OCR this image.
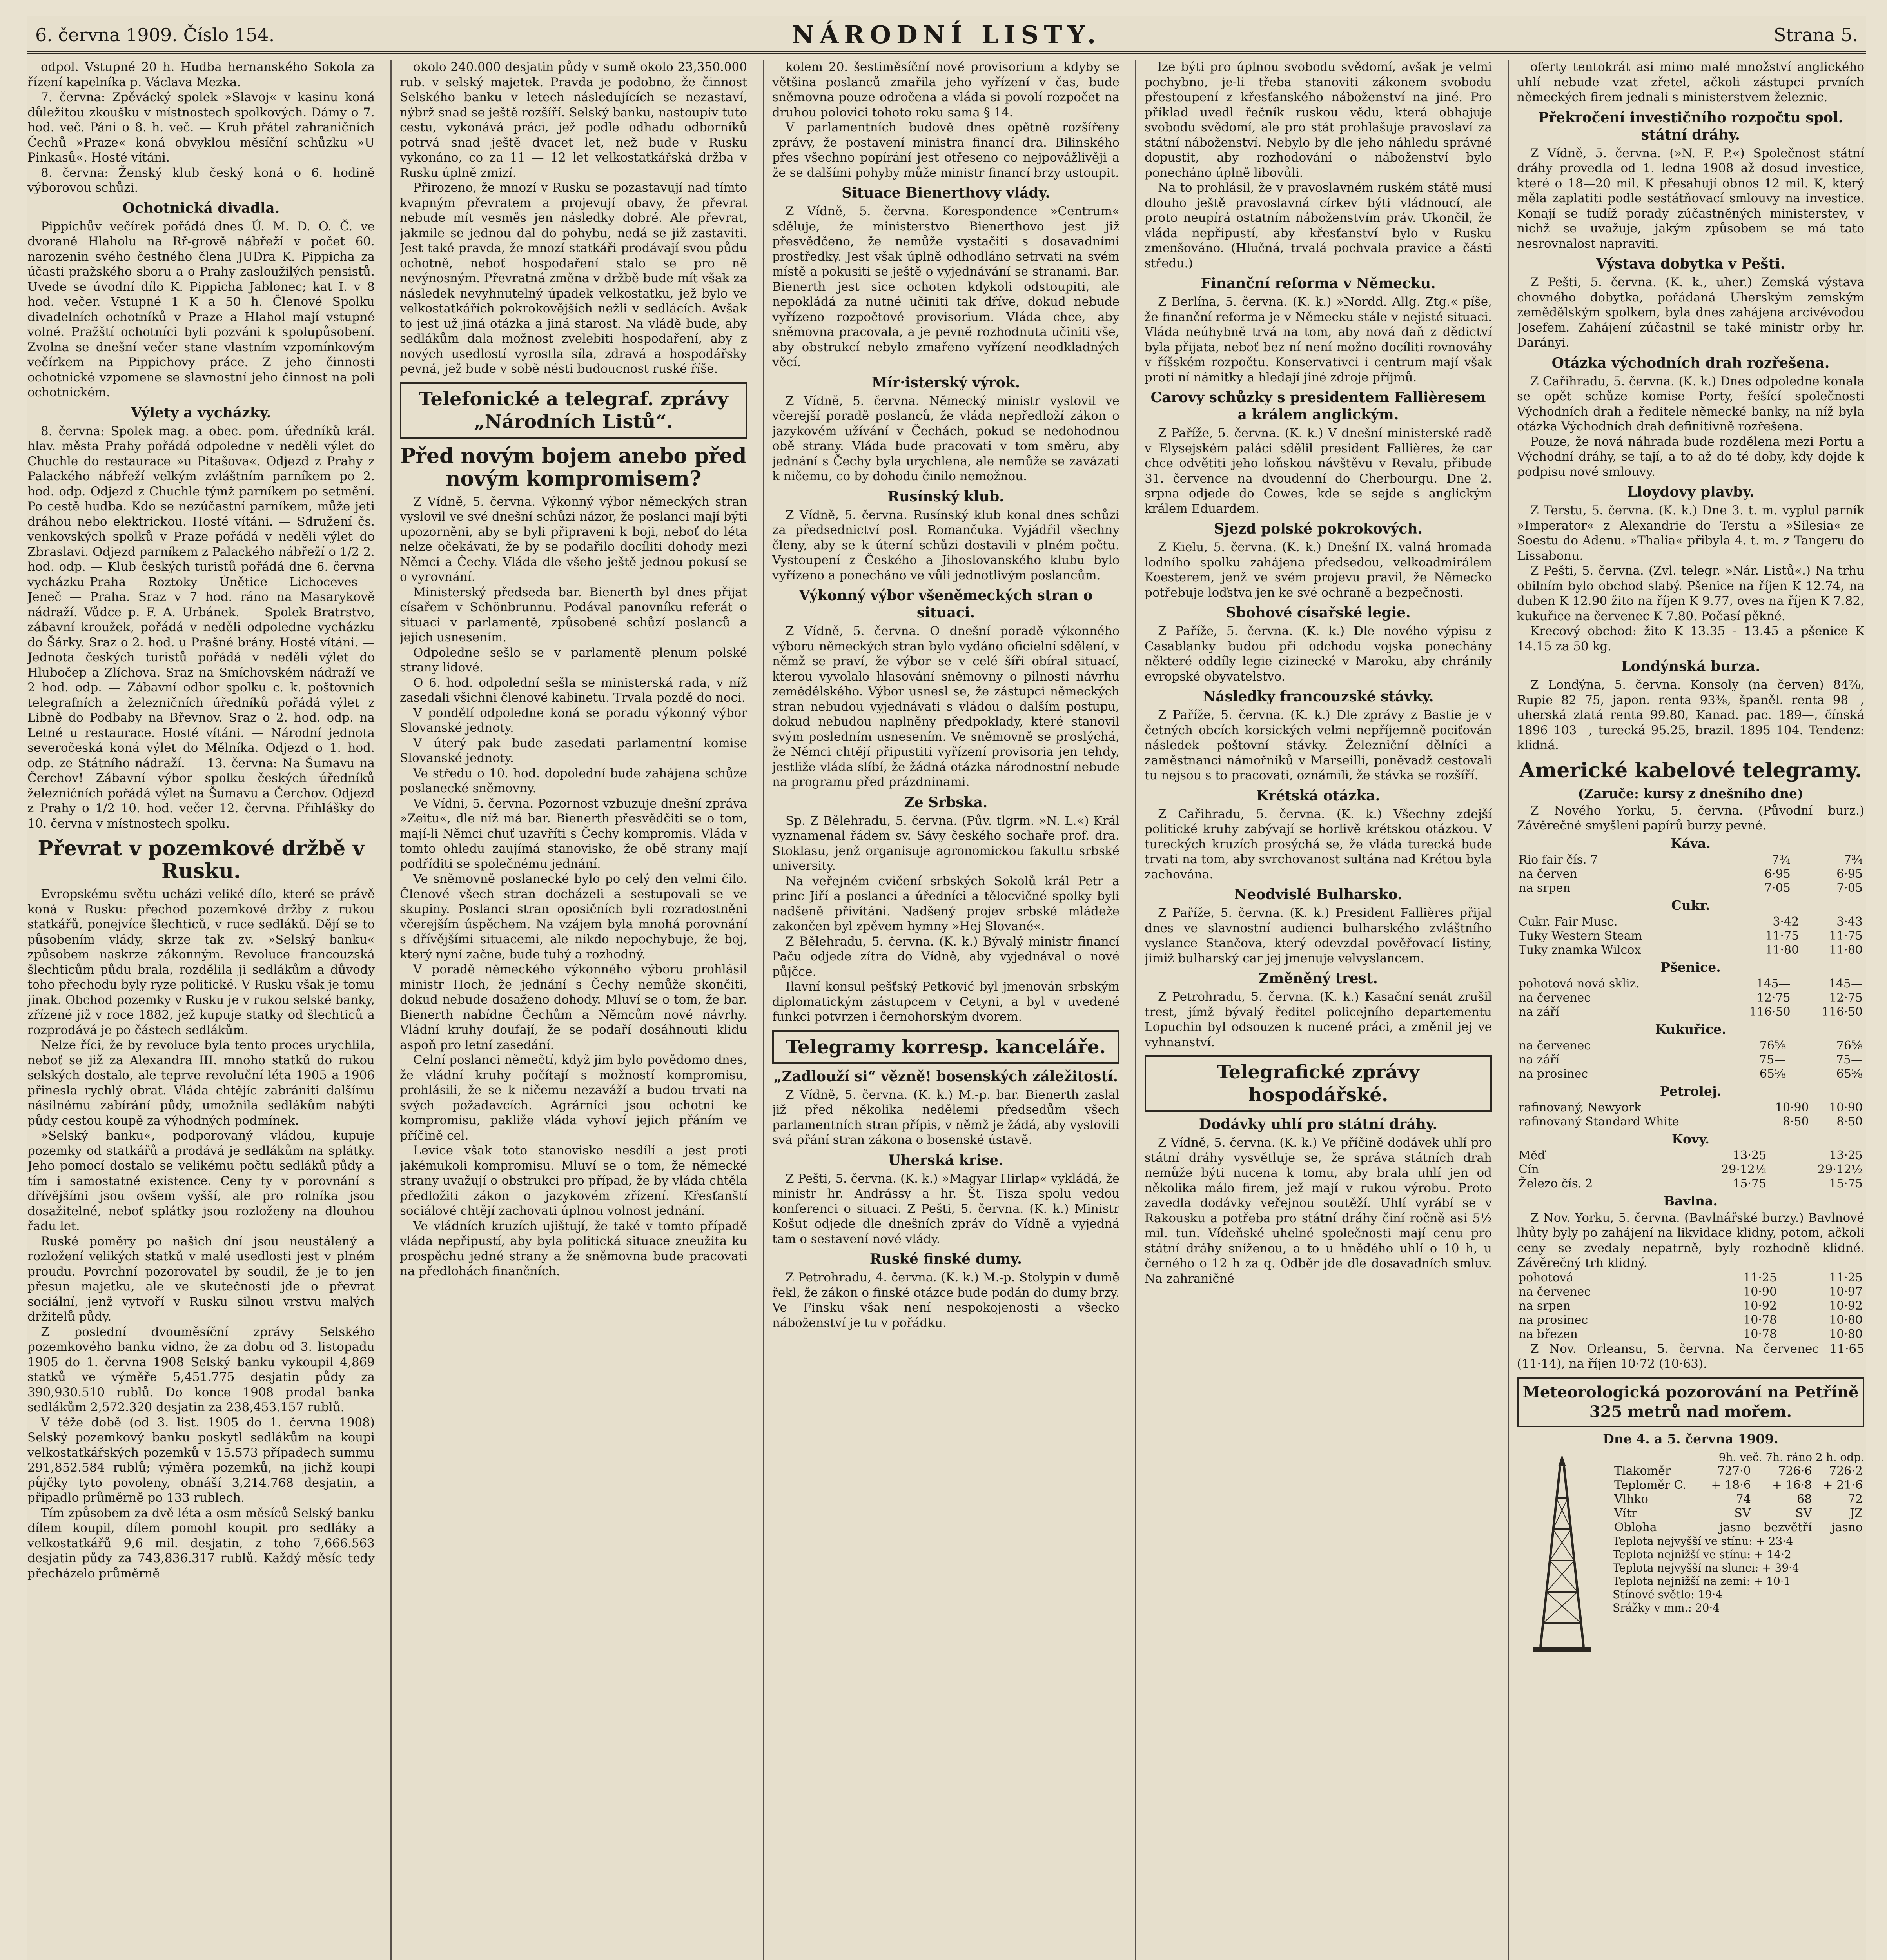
6. června 1909. Číslo 154.	NÁRODNÍ LISTY.	Strana 5.

odpol. Vstupné 20 h. Hudba hernanského Sokola za řízení kapelníka p. Václava Mezka.

7. června: Zpěvácký spolek »Slavoj« v kasinu koná důležitou zkoušku v místnostech spolkových. Dámy o 7. hod. več. Páni o 8. h. več. — Kruh přátel zahraničních Čechů »Praze« koná obvyklou měsíční schůzku »U Pinkasů«. Hosté vítáni.

8. června: Ženský klub český koná o 6. hodině výborovou schůzi.

Ochotnická divadla.

Pippichův večírek pořádá dnes Ú. M. D. O. Č. ve dvoraně Hlaholu na Rř-grově nábřeží v počet 60. narozenin svého čestného člena JUDra K. Pippicha za účasti pražského sboru a o Prahy zasloužilých pensistů. Uvede se úvodní dílo K. Pippicha Jablonec; kat I. v 8 hod. večer. Vstupné 1 K a 50 h. Členové Spolku divadelních ochotníků v Praze a Hlahol mají vstupné volné. Pražští ochotníci byli pozváni k spolupůsobení. Zvolna se dnešní večer stane vlastním vzpomínkovým večírkem na Pippichovy práce. Z jeho činnosti ochotnické vzpomene se slavnostní jeho činnost na poli ochotnickém.

Výlety a vycházky.

8. června: Spolek mag. a obec. pom. úředníků král. hlav. města Prahy pořádá odpoledne v neděli výlet do Chuchle do restaurace »u Pitašova«. Odjezd z Prahy z Palackého nábřeží velkým zvláštním parníkem po 2. hod. odp. Odjezd z Chuchle týmž parníkem po setmění. Po cestě hudba. Kdo se nezúčastní parníkem, může jeti dráhou nebo elektrickou. Hosté vítáni. — Sdružení čs. venkovských spolků v Praze pořádá v neděli výlet do Zbraslavi. Odjezd parníkem z Palackého nábřeží o 1/2 2. hod. odp. — Klub českých turistů pořádá dne 6. června vycházku Praha — Roztoky — Únětice — Lichoceves — Jeneč — Praha. Sraz v 7 hod. ráno na Masarykově nádraží. Vůdce p. F. A. Urbánek. — Spolek Bratrstvo, zábavní kroužek, pořádá v neděli odpoledne vycházku do Šárky. Sraz o 2. hod. u Prašné brány. Hosté vítáni. — Jednota českých turistů pořádá v neděli výlet do Hlubočep a Zlíchova. Sraz na Smíchovském nádraží ve 2 hod. odp. — Zábavní odbor spolku c. k. poštovních telegrafních a železničních úředníků pořádá výlet z Libně do Podbaby na Břevnov. Sraz o 2. hod. odp. na Letné u restaurace. Hosté vítáni. — Národní jednota severočeská koná výlet do Mělníka. Odjezd o 1. hod. odp. ze Státního nádraží. — 13. června: Na Šumavu na Čerchov! Zábavní výbor spolku českých úředníků železničních pořádá výlet na Šumavu a Čerchov. Odjezd z Prahy o 1/2 10. hod. večer 12. června. Přihlášky do 10. června v místnostech spolku.

Převrat v pozemkové držbě v Rusku.

Evropskému světu ucházi veliké dílo, které se právě koná v Rusku: přechod pozemkové držby z rukou statkářů, ponejvíce šlechticů, v ruce sedláků. Dějí se to působením vlády, skrze tak zv. »Selský banku« způsobem naskrze zákonným. Revoluce francouzská šlechticům půdu brala, rozdělila ji sedlákům a důvody toho přechodu byly ryze politické. V Rusku však je tomu jinak. Obchod pozemky v Rusku je v rukou selské banky, zřízené již v roce 1882, jež kupuje statky od šlechticů a rozprodává je po částech sedlákům.

Nelze říci, že by revoluce byla tento proces urychlila, neboť se již za Alexandra III. mnoho statků do rukou selských dostalo, ale teprve revoluční léta 1905 a 1906 přinesla rychlý obrat. Vláda chtějíc zabrániti dalšímu násilnému zabírání půdy, umožnila sedlákům nabýti půdy cestou koupě za výhodných podmínek.

»Selský banku«, podporovaný vládou, kupuje pozemky od statkářů a prodává je sedlákům na splátky. Jeho pomocí dostalo se velikému počtu sedláků půdy a tím i samostatné existence. Ceny ty v porovnání s dřívějšími jsou ovšem vyšší, ale pro rolníka jsou dosažitelné, neboť splátky jsou rozloženy na dlouhou řadu let.

Ruské poměry po našich dní jsou neustálený a rozložení velikých statků v malé usedlosti jest v plném proudu. Povrchní pozorovatel by soudil, že je to jen přesun majetku, ale ve skutečnosti jde o převrat sociální, jenž vytvoří v Rusku silnou vrstvu malých držitelů půdy.

Z poslední dvouměsíční zprávy Selského pozemkového banku vidno, že za dobu od 3. listopadu 1905 do 1. června 1908 Selský banku vykoupil 4,869 statků ve výměře 5,451.775 desjatin půdy za 390,930.510 rublů. Do konce 1908 prodal banka sedlákům 2,572.320 desjatin za 238,453.157 rublů.

V téže době (od 3. list. 1905 do 1. června 1908) Selský pozemkový banku poskytl sedlákům na koupi velkostatkářských pozemků v 15.573 případech summu 291,852.584 rublů; výměra pozemků, na jichž koupi půjčky tyto povoleny, obnáší 3,214.768 desjatin, a připadlo průměrně po 133 rublech.

Tím způsobem za dvě léta a osm měsíců Selský banku dílem koupil, dílem pomohl koupit pro sedláky a velkostatkářů 9,6 mil. desjatin, z toho 7,666.563 desjatin půdy za 743,836.317 rublů. Každý měsíc tedy přecházelo průměrně

okolo 240.000 desjatin půdy v sumě okolo 23,350.000 rub. v selský majetek. Pravda je podobno, že činnost Selského banku v letech následujících se nezastaví, nýbrž snad se ještě rozšíří. Selský banku, nastoupiv tuto cestu, vykonává práci, jež podle odhadu odborníků potrvá snad ještě dvacet let, než bude v Rusku vykonáno, co za 11 — 12 let velkostatkářská držba v Rusku úplně zmizí.

Přirozeno, že mnozí v Rusku se pozastavují nad tímto kvapným převratem a projevují obavy, že převrat nebude mít vesměs jen následky dobré. Ale převrat, jakmile se jednou dal do pohybu, nedá se již zastaviti. Jest také pravda, že mnozí statkáři prodávají svou půdu ochotně, neboť hospodaření stalo se pro ně nevýnosným. Převratná změna v držbě bude mít však za následek nevyhnutelný úpadek velkostatku, jež bylo ve velkostatkářích pokrokovějších nežli v sedlácích. Avšak to jest už jiná otázka a jiná starost. Na vládě bude, aby sedlákům dala možnost zvelebiti hospodaření, aby z nových usedlostí vyrostla síla, zdravá a hospodářsky pevná, jež bude v sobě nésti budoucnost ruské říše.

Telefonické a telegraf. zprávy „Národních Listů“.
Před novým bojem anebo před novým kompromisem?

Z Vídně, 5. června. Výkonný výbor německých stran vyslovil ve své dnešní schůzi názor, že poslanci mají býti upozorněni, aby se byli připraveni k boji, neboť do léta nelze očekávati, že by se podařilo docíliti dohody mezi Němci a Čechy. Vláda dle všeho ještě jednou pokusí se o vyrovnání.

Ministerský předseda bar. Bienerth byl dnes přijat císařem v Schönbrunnu. Podával panovníku referát o situaci v parlamentě, způsobené schůzí poslanců a jejich usnesením.

Odpoledne sešlo se v parlamentě plenum polské strany lidové.

O 6. hod. odpolední sešla se ministerská rada, v níž zasedali všichni členové kabinetu. Trvala pozdě do noci.

V pondělí odpoledne koná se poradu výkonný výbor Slovanské jednoty.

V úterý pak bude zasedati parlamentní komise Slovanské jednoty.

Ve středu o 10. hod. dopolední bude zahájena schůze poslanecké sněmovny.

Ve Vídni, 5. června. Pozornost vzbuzuje dnešní zpráva »Zeitu«, dle níž má bar. Bienerth přesvědčiti se o tom, mají-li Němci chuť uzavříti s Čechy kompromis. Vláda v tomto ohledu zaujímá stanovisko, že obě strany mají podříditi se společnému jednání.

Ve sněmovně poslanecké bylo po celý den velmi čilo. Členové všech stran docházeli a sestupovali se ve skupiny. Poslanci stran oposičních byli rozradostněni včerejším úspěchem. Na vzájem byla mnohá porovnání s dřívějšími situacemi, ale nikdo nepochybuje, že boj, který nyní začne, bude tuhý a rozhodný.

V poradě německého výkonného výboru prohlásil ministr Hoch, že jednání s Čechy nemůže skončiti, dokud nebude dosaženo dohody. Mluví se o tom, že bar. Bienerth nabídne Čechům a Němcům nové návrhy. Vládní kruhy doufají, že se podaří dosáhnouti klidu aspoň pro letní zasedání.

Celní poslanci němečtí, když jim bylo povědomo dnes, že vládní kruhy počítají s možností kompromisu, prohlásili, že se k ničemu nezaváží a budou trvati na svých požadavcích. Agrárníci jsou ochotni ke kompromisu, pakliže vláda vyhoví jejich přáním ve příčině cel.

Levice však toto stanovisko nesdílí a jest proti jakémukoli kompromisu. Mluví se o tom, že německé strany uvažují o obstrukci pro případ, že by vláda chtěla předložiti zákon o jazykovém zřízení. Křesťanští sociálové chtějí zachovati úplnou volnost jednání.

Ve vládních kruzích ujištují, že také v tomto případě vláda nepřipustí, aby byla politická situace zneužita ku prospěchu jedné strany a že sněmovna bude pracovati na předlohách finančních.

kolem 20. šestiměsíční nové provisorium a kdyby se většina poslanců zmařila jeho vyřízení v čas, bude sněmovna pouze odročena a vláda si povolí rozpočet na druhou polovici tohoto roku sama § 14.

V parlamentních budově dnes opětně rozšířeny zprávy, že postavení ministra financí dra. Bilinského přes všechno popírání jest otřeseno co nejpovážlivěji a že se dalšími pohyby může ministr financí brzy ustoupit.

Situace Bienerthovy vlády.

Z Vídně, 5. června. Korespondence »Centrum« sděluje, že ministerstvo Bienerthovo jest již přesvědčeno, že nemůže vystačiti s dosavadními prostředky. Jest však úplně odhodláno setrvati na svém místě a pokusiti se ještě o vyjednávání se stranami. Bar. Bienerth jest sice ochoten kdykoli odstoupiti, ale nepokládá za nutné učiniti tak dříve, dokud nebude vyřízeno rozpočtové provisorium. Vláda chce, aby sněmovna pracovala, a je pevně rozhodnuta učiniti vše, aby obstrukcí nebylo zmařeno vyřízení neodkladných věcí.

Mír·isterský výrok.

Z Vídně, 5. června. Německý ministr vyslovil ve včerejší poradě poslanců, že vláda nepředloží zákon o jazykovém užívání v Čechách, pokud se nedohodnou obě strany. Vláda bude pracovati v tom směru, aby jednání s Čechy byla urychlena, ale nemůže se zavázati k ničemu, co by dohodu činilo nemožnou.

Rusínský klub.

Z Vídně, 5. června. Rusínský klub konal dnes schůzi za předsednictví posl. Romančuka. Vyjádřil všechny členy, aby se k úterní schůzi dostavili v plném počtu. Vystoupení z Českého a Jihoslovanského klubu bylo vyřízeno a ponecháno ve vůli jednotlivým poslancům.

Výkonný výbor všeněmeckých stran o situaci.

Z Vídně, 5. června. O dnešní poradě výkonného výboru německých stran bylo vydáno oficielní sdělení, v němž se praví, že výbor se v celé šíři obíral situací, kterou vyvolalo hlasování sněmovny o pilnosti návrhu zemědělského. Výbor usnesl se, že zástupci německých stran nebudou vyjednávati s vládou o dalším postupu, dokud nebudou naplněny předpoklady, které stanovil svým posledním usnesením. Ve sněmovně se proslýchá, že Němci chtějí připustiti vyřízení provisoria jen tehdy, jestliže vláda slíbí, že žádná otázka národnostní nebude na programu před prázdninami.

Ze Srbska.

Sp. Z Bělehradu, 5. června. (Pův. tlgrm. »N. L.«) Král vyznamenal řádem sv. Sávy českého sochaře prof. dra. Stoklasu, jenž organisuje agronomickou fakultu srbské university.

Na veřejném cvičení srbských Sokolů král Petr a princ Jiří a poslanci a úředníci a tělocvičné spolky byli nadšeně přivítáni. Nadšený projev srbské mládeže zakončen byl zpěvem hymny »Hej Slované«.

Z Bělehradu, 5. června. (K. k.) Bývalý ministr financí Paču odjede zítra do Vídně, aby vyjednával o nové půjčce.

Ilavní konsul pešťský Petković byl jmenován srbským diplomatickým zástupcem v Cetyni, a byl v uvedené funkci potvrzen i černohorským dvorem.

Telegramy korresp. kanceláře.
„Zadlouží si“ vězně! bosenských záležitostí.

Z Vídně, 5. června. (K. k.) M.-p. bar. Bienerth zaslal již před několika nedělemi předsedům všech parlamentních stran přípis, v němž je žádá, aby vyslovili svá přání stran zákona o bosenské ústavě.

Uherská krise.

Z Pešti, 5. června. (K. k.) »Magyar Hirlap« vykládá, že ministr hr. Andrássy a hr. Št. Tisza spolu vedou konferenci o situaci. Z Pešti, 5. června. (K. k.) Ministr Košut odjede dle dnešních zpráv do Vídně a vyjedná tam o sestavení nové vlády.

Ruské finské dumy.

Z Petrohradu, 4. června. (K. k.) M.-p. Stolypin v dumě řekl, že zákon o finské otázce bude podán do dumy brzy. Ve Finsku však není nespokojenosti a všecko náboženství je tu v pořádku.

lze býti pro úplnou svobodu svědomí, avšak je velmi pochybno, je-li třeba stanoviti zákonem svobodu přestoupení z křesťanského náboženství na jiné. Pro příklad uvedl řečník ruskou vědu, která obhajuje svobodu svědomí, ale pro stát prohlašuje pravoslaví za státní náboženství. Nebylo by dle jeho náhledu správné dopustit, aby rozhodování o náboženství bylo ponecháno úplně libovůli.

Na to prohlásil, že v pravoslavném ruském státě musí dlouho ještě pravoslavná církev býti vládnoucí, ale proto neupírá ostatním náboženstvím práv. Ukončil, že vláda nepřipustí, aby křesťanství bylo v Rusku zmenšováno. (Hlučná, trvalá pochvala pravice a části středu.)

Finanční reforma v Německu.

Z Berlína, 5. června. (K. k.) »Nordd. Allg. Ztg.« píše, že finanční reforma je v Německu stále v nejisté situaci. Vláda neúhybně trvá na tom, aby nová daň z dědictví byla přijata, neboť bez ní není možno docíliti rovnováhy v říšském rozpočtu. Konservativci i centrum mají však proti ní námitky a hledají jiné zdroje příjmů.

Carovy schůzky s presidentem Fallièresem a králem anglickým.

Z Paříže, 5. června. (K. k.) V dnešní ministerské radě v Elysejském paláci sdělil president Fallières, že car chce odvětiti jeho loňskou návštěvu v Revalu, přibude 31. července na dvoudenní do Cherbourgu. Dne 2. srpna odjede do Cowes, kde se sejde s anglickým králem Eduardem.

Sjezd polské pokrokových.

Z Kielu, 5. června. (K. k.) Dnešní IX. valná hromada lodního spolku zahájena předsedou, velkoadmirálem Koesterem, jenž ve svém projevu pravil, že Německo potřebuje loďstva jen ke své ochraně a bezpečnosti.

Sbohové císařské legie.

Z Paříže, 5. června. (K. k.) Dle nového výpisu z Casablanky budou při odchodu vojska ponechány některé oddíly legie cizinecké v Maroku, aby chránily evropské obyvatelstvo.

Následky francouzské stávky.

Z Paříže, 5. června. (K. k.) Dle zprávy z Bastie je v četných obcích korsických velmi nepříjemně pociťován následek poštovní stávky. Železniční dělníci a zaměstnanci námořníků v Marseilli, poněvadž cestovali tu nejsou s to pracovati, oznámili, že stávka se rozšíří.

Krétská otázka.

Z Cařihradu, 5. června. (K. k.) Všechny zdejší politické kruhy zabývají se horlivě krétskou otázkou. V tureckých kruzích prosýchá se, že vláda turecká bude trvati na tom, aby svrchovanost sultána nad Krétou byla zachována.

Neodvislé Bulharsko.

Z Paříže, 5. června. (K. k.) President Fallières přijal dnes ve slavnostní audienci bulharského zvláštního vyslance Stančova, který odevzdal pověřovací listiny, jimiž bulharský car jej jmenuje velvyslancem.

Změněný trest.

Z Petrohradu, 5. června. (K. k.) Kasační senát zrušil trest, jímž bývalý ředitel policejního departementu Lopuchin byl odsouzen k nucené práci, a změnil jej ve vyhnanství.

Telegrafické zprávy hospodářské.
Dodávky uhlí pro státní dráhy.

Z Vídně, 5. června. (K. k.) Ve příčině dodávek uhlí pro státní dráhy vysvětluje se, že správa státních drah nemůže býti nucena k tomu, aby brala uhlí jen od několika málo firem, jež mají v rukou výrobu. Proto zavedla dodávky veřejnou soutěží. Uhlí vyrábí se v Rakousku a potřeba pro státní dráhy činí ročně asi 5½ mil. tun. Vídeňské uhelné společnosti mají cenu pro státní dráhy sníženou, a to u hnědého uhlí o 10 h, u černého o 12 h za q. Odběr jde dle dosavadních smluv. Na zahraničné

oferty tentokrát asi mimo malé množství anglického uhlí nebude vzat zřetel, ačkoli zástupci prvních německých firem jednali s ministerstvem železnic.

Překročení investičního rozpočtu spol. státní dráhy.

Z Vídně, 5. června. (»N. F. P.«) Společnost státní dráhy provedla od 1. ledna 1908 až dosud investice, které o 18—20 mil. K přesahují obnos 12 mil. K, který měla zaplatiti podle sestátňovací smlouvy na investice. Konají se tudíž porady zúčastněných ministerstev, v nichž se uvažuje, jakým způsobem se má tato nesrovnalost napraviti.

Výstava dobytka v Pešti.

Z Pešti, 5. června. (K. k., uher.) Zemská výstava chovného dobytka, pořádaná Uherským zemským zemědělským spolkem, byla dnes zahájena arcivévodou Josefem. Zahájení zúčastnil se také ministr orby hr. Darányi.

Otázka východních drah rozřešena.

Z Cařihradu, 5. června. (K. k.) Dnes odpoledne konala se opět schůze komise Porty, řešící společnosti Východních drah a ředitele německé banky, na níž byla otázka Východních drah definitivně rozřešena.

Pouze, že nová náhrada bude rozdělena mezi Portu a Východní dráhy, se tají, a to až do té doby, kdy dojde k podpisu nové smlouvy.

Lloydovy plavby.

Z Terstu, 5. června. (K. k.) Dne 3. t. m. vyplul parník »Imperator« z Alexandrie do Terstu a »Silesia« ze Soestu do Adenu. »Thalia« přibyla 4. t. m. z Tangeru do Lissabonu.

Z Pešti, 5. června. (Zvl. telegr. »Nár. Listů«.) Na trhu obilním bylo obchod slabý. Pšenice na říjen K 12.74, na duben K 12.90 žito na říjen K 9.77, oves na říjen K 7.82, kukuřice na červenec K 7.80. Počasí pěkné.

Krecový obchod: žito K 13.35 - 13.45 a pšenice K 14.15 za 50 kg.

Londýnská burza.

Z Londýna, 5. června. Konsoly (na červen) 84⅞, Rupie 82 75, japon. renta 93⅜, španěl. renta 98—, uherská zlatá renta 99.80, Kanad. pac. 189—, čínská 1896 103—, turecká 95.25, brazil. 1895 104. Tendenz: klidná.

Americké kabelové telegramy.
(Zaruče: kursy z dnešního dne)

Z Nového Yorku, 5. června. (Původní burz.) Závěrečné smyšlení papírů burzy pevné.

Káva.
Rio fair čís. 7	7¾	7¾
na červen	6·95	6·95
na srpen	7·05	7·05
Cukr.
Cukr. Fair Musc.	3·42	3·43
Tuky Western Steam	11·75	11·75
Tuky znamka Wilcox	11·80	11·80
Pšenice.
pohotová nová skliz.	145—	145—
na červenec	12·75	12·75
na září	116·50	116·50
Kukuřice.
na červenec	76⅝	76⅝
na září	75—	75—
na prosinec	65⅝	65⅝
Petrolej.
rafinovaný, Newyork	10·90	10·90
rafinovaný Standard White	8·50	8·50
Kovy.
Měď	13·25	13·25
Cín	29·12½	29·12½
Železo čís. 2	15·75	15·75
Bavlna.

Z Nov. Yorku, 5. června. (Bavlnářské burzy.) Bavlnové lhůty byly po zahájení na likvidace klidny, potom, ačkoli ceny se zvedaly nepatrně, byly rozhodně klidné. Závěrečný trh klidný.

pohotová	11·25	11·25
na červenec	10·90	10·97
na srpen	10·92	10·92
na prosinec	10·78	10·80
na březen	10·78	10·80

Z Nov. Orleansu, 5. června. Na červenec 11·65 (11·14), na říjen 10·72 (10·63).

Meteorologická pozorování na Petříně 325 metrů nad mořem.
Dne 4. a 5. června 1909.
9h. več. 7h. ráno 2 h. odp.
Tlakoměr	727·0	726·6	726·2
Teploměr C.	+ 18·6	+ 16·8	+ 21·6
Vlhko	74	68	72
Vítr	SV	SV	JZ
Obloha	jasno	bezvětří	jasno
Teplota nejvyšší ve stínu: + 23·4
Teplota nejnižší ve stínu: + 14·2
Teplota nejvyšší na slunci: + 39·4
Teplota nejnižší na zemi: + 10·1
Stínové světlo: 19·4
Srážky v mm.: 20·4
